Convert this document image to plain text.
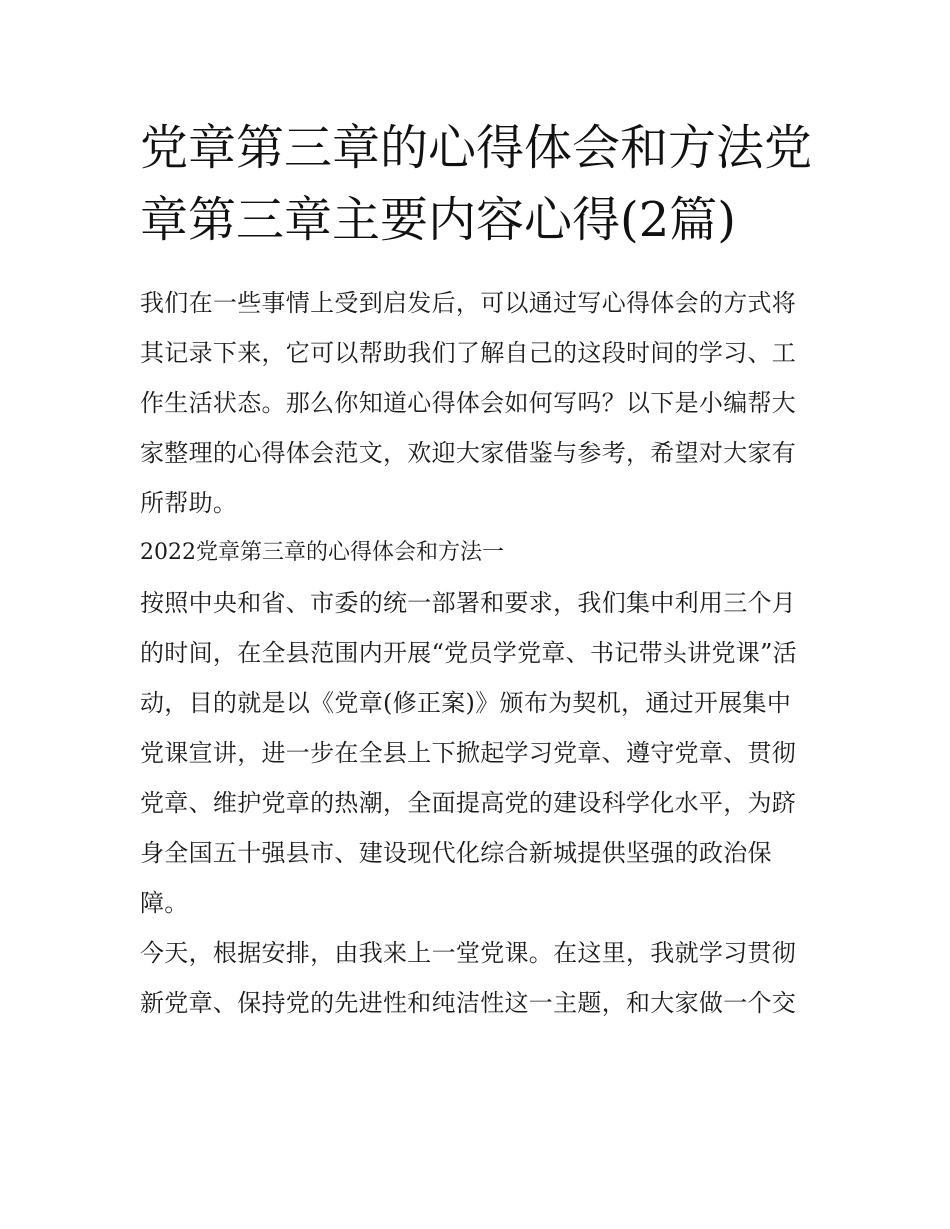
党章第三章的心得体会和方法党章第三章主要内容心得(2篇)

我们在一些事情上受到启发后，可以通过写心得体会的方式将其记录下来，它可以帮助我们了解自己的这段时间的学习、工作生活状态。那么你知道心得体会如何写吗？以下是小编帮大家整理的心得体会范文，欢迎大家借鉴与参考，希望对大家有所帮助。

2022党章第三章的心得体会和方法一

按照中央和省、市委的统一部署和要求，我们集中利用三个月的时间，在全县范围内开展“党员学党章、书记带头讲党课”活动，目的就是以《党章(修正案)》颁布为契机，通过开展集中党课宣讲，进一步在全县上下掀起学习党章、遵守党章、贯彻党章、维护党章的热潮，全面提高党的建设科学化水平，为跻身全国五十强县市、建设现代化综合新城提供坚强的政治保障。

今天，根据安排，由我来上一堂党课。在这里，我就学习贯彻新党章、保持党的先进性和纯洁性这一主题，和大家做一个交
